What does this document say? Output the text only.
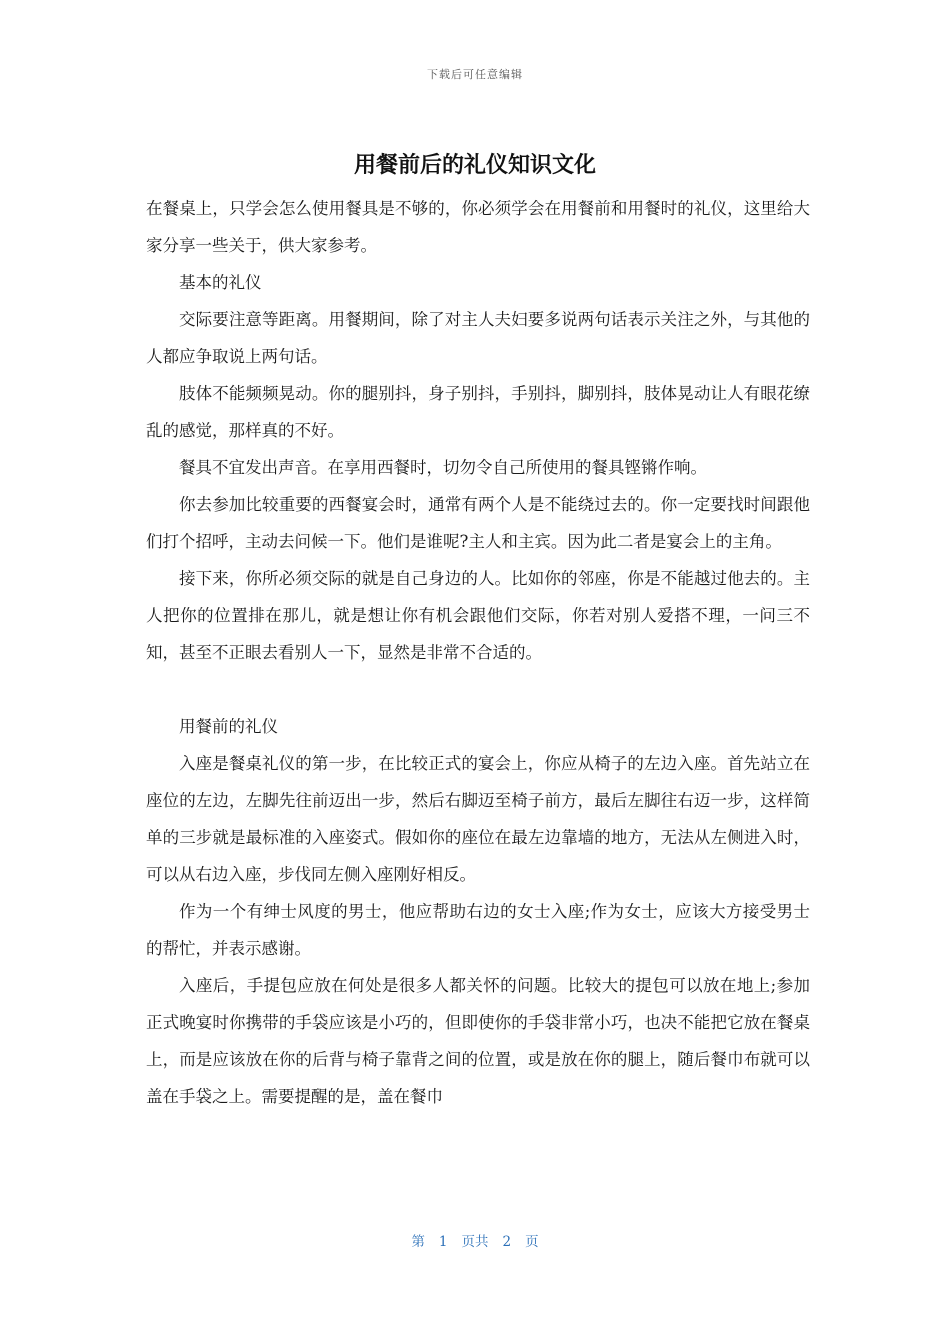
下载后可任意编辑
用餐前后的礼仪知识文化

在餐桌上，只学会怎么使用餐具是不够的，你必须学会在用餐前和用餐时的礼仪，这里给大家分享一些关于，供大家参考。

基本的礼仪

交际要注意等距离。用餐期间，除了对主人夫妇要多说两句话表示关注之外，与其他的人都应争取说上两句话。

肢体不能频频晃动。你的腿别抖，身子别抖，手别抖，脚别抖，肢体晃动让人有眼花缭乱的感觉，那样真的不好。

餐具不宜发出声音。在享用西餐时，切勿令自己所使用的餐具铿锵作响。

你去参加比较重要的西餐宴会时，通常有两个人是不能绕过去的。你一定要找时间跟他们打个招呼，主动去问候一下。他们是谁呢?主人和主宾。因为此二者是宴会上的主角。

接下来，你所必须交际的就是自己身边的人。比如你的邻座，你是不能越过他去的。主人把你的位置排在那儿，就是想让你有机会跟他们交际，你若对别人爱搭不理，一问三不知，甚至不正眼去看别人一下，显然是非常不合适的。

用餐前的礼仪

入座是餐桌礼仪的第一步，在比较正式的宴会上，你应从椅子的左边入座。首先站立在座位的左边，左脚先往前迈出一步，然后右脚迈至椅子前方，最后左脚往右迈一步，这样简单的三步就是最标准的入座姿式。假如你的座位在最左边靠墙的地方，无法从左侧进入时，可以从右边入座，步伐同左侧入座刚好相反。

作为一个有绅士风度的男士，他应帮助右边的女士入座;作为女士，应该大方接受男士的帮忙，并表示感谢。

入座后，手提包应放在何处是很多人都关怀的问题。比较大的提包可以放在地上;参加正式晚宴时你携带的手袋应该是小巧的，但即使你的手袋非常小巧，也决不能把它放在餐桌上，而是应该放在你的后背与椅子靠背之间的位置，或是放在你的腿上，随后餐巾布就可以盖在手袋之上。需要提醒的是，盖在餐巾

第 1 页共 2 页
